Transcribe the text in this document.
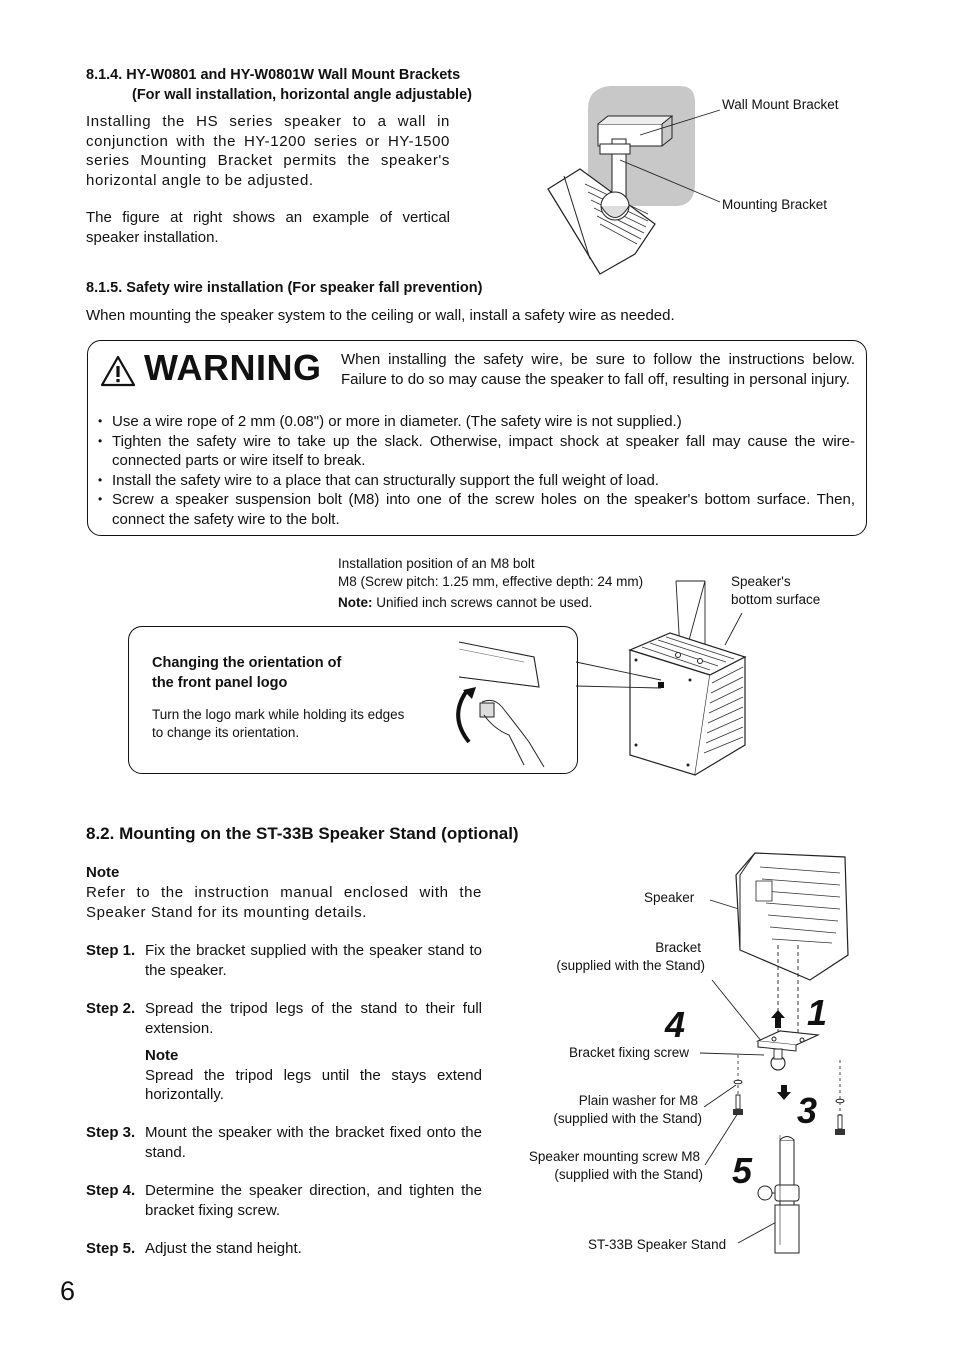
8.1.4. HY-W0801 and HY-W0801W Wall Mount Brackets
(For wall installation, horizontal angle adjustable)
Installing the HS series speaker to a wall in conjunction with the HY-1200 series or HY-1500 series Mounting Bracket permits the speaker's horizontal angle to be adjusted.
The figure at right shows an example of vertical speaker installation.
Wall Mount Bracket
Mounting Bracket
8.1.5. Safety wire installation (For speaker fall prevention)
When mounting the speaker system to the ceiling or wall, install a safety wire as needed.
WARNING When installing the safety wire, be sure to follow the instructions below. Failure to do so may cause the speaker to fall off, resulting in personal injury.
• Use a wire rope of 2 mm (0.08") or more in diameter. (The safety wire is not supplied.)
• Tighten the safety wire to take up the slack. Otherwise, impact shock at speaker fall may cause the wire-connected parts or wire itself to break.
• Install the safety wire to a place that can structurally support the full weight of load.
• Screw a speaker suspension bolt (M8) into one of the screw holes on the speaker's bottom surface. Then, connect the safety wire to the bolt.
Installation position of an M8 bolt
M8 (Screw pitch: 1.25 mm, effective depth: 24 mm)
Note: Unified inch screws cannot be used.
Speaker's
bottom surface
Changing the orientation of
the front panel logo
Turn the logo mark while holding its edges
to change its orientation.
8.2. Mounting on the ST-33B Speaker Stand (optional)
Note
Refer to the instruction manual enclosed with the Speaker Stand for its mounting details.
Step 1. Fix the bracket supplied with the speaker stand to the speaker.
Step 2. Spread the tripod legs of the stand to their full extension.
Note
Spread the tripod legs until the stays extend horizontally.
Step 3. Mount the speaker with the bracket fixed onto the stand.
Step 4. Determine the speaker direction, and tighten the bracket fixing screw.
Step 5. Adjust the stand height.
Speaker
Bracket
(supplied with the Stand)
Bracket fixing screw
Plain washer for M8
(supplied with the Stand)
Speaker mounting screw M8
(supplied with the Stand)
ST-33B Speaker Stand
1
4
3
5
6
